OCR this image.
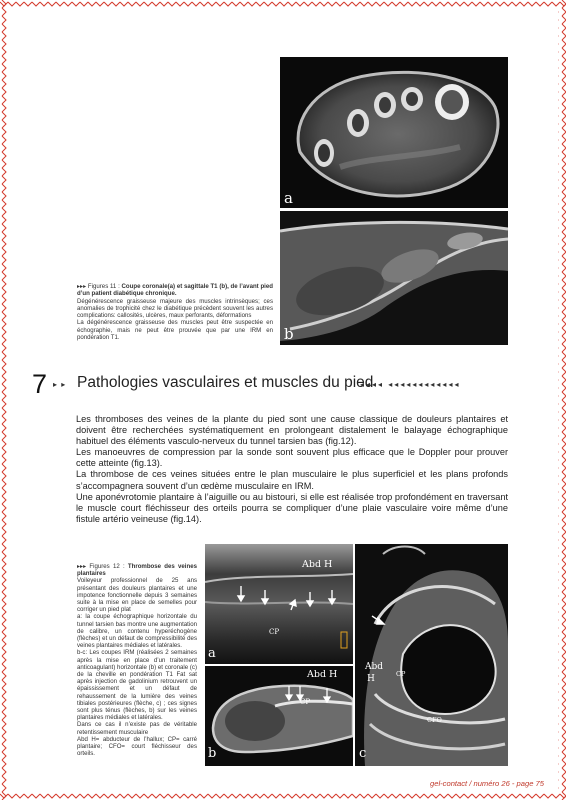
a
b
▸▸▸ Figures 11 : Coupe coronale(a) et sagittale T1 (b), de l’avant pied d’un patient diabétique chronique.
Dégénérescence graisseuse majeure des muscles intrinsèques; ces anomalies de trophicité chez le diabétique précèdent souvent les autres complications: callosités, ulcères, maux perforants, déformations
La dégénérescence graisseuse des muscles peut être suspectée en échographie, mais ne peut être prouvée que par une IRM en pondération T1.
7 ▸ ▸ Pathologies vasculaires et muscles du pied
◂◂◂◂ ◂◂◂◂◂◂◂◂◂◂◂◂

Les thromboses des veines de la plante du pied sont une cause classique de douleurs plantaires et doivent être recherchées systématiquement en prolongeant distalement le balayage échographique habituel des éléments vasculo-nerveux du tunnel tarsien bas (fig.12).

Les manoeuvres de compression par la sonde sont souvent plus efficace que le Doppler pour prouver cette atteinte (fig.13).

La thrombose de ces veines situées entre le plan musculaire le plus superficiel et les plans profonds s’accompagnera souvent d’un œdème musculaire en IRM.

Une aponévrotomie plantaire à l’aiguille ou au bistouri, si elle est réalisée trop profondément en traversant le muscle court fléchisseur des orteils pourra se compliquer d’une plaie vasculaire voire même d’une fistule artério veineuse (fig.14).

▸▸▸ Figures 12 : Thrombose des veines plantaires
Voileyeur professionnel de 25 ans présentant des douleurs plantaires et une impotence fonctionnelle depuis 3 semaines suite à la mise en place de semelles pour corriger un pied plat
a: la coupe échographique horizontale du tunnel tarsien bas montre une augmentation de calibre, un contenu hyperéchogène (flèches) et un défaut de compressibilité des veines plantaires médiales et latérales.
b-c: Les coupes IRM (réalisées 2 semaines après la mise en place d’un traitement anticoagulant) horizontale (b) et coronale (c) de la cheville en pondération T1 Fat sat après injection de gadolinium retrouvent un épaississement et un défaut de rehaussement de la lumière des veines tibiales postérieures (flèche, c) ; ces signes sont plus ténus (flèches, b) sur les veines plantaires médiales et latérales.
Dans ce cas il n’existe pas de véritable retentissement musculaire
Abd H= abducteur de l’hallux; CP= carré plantaire; CFO= court fléchisseur des orteils.
Abd H
CP
a
Abd H
CP
b
Abd
H	CP
CFO
c
gel-contact / numéro 26 - page 75
